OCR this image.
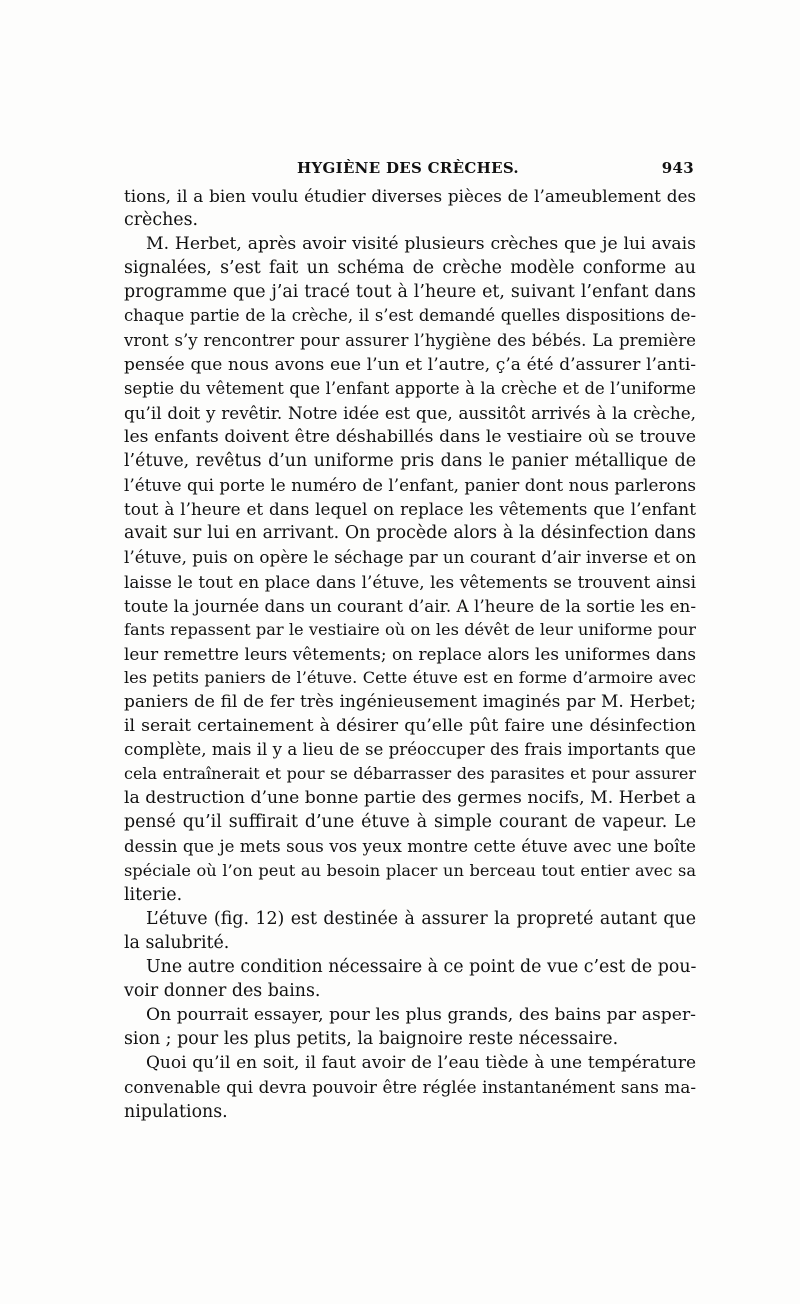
HYGIÈNE DES CRÈCHES.	943
tions, il a bien voulu étudier diverses pièces de l’ameublement des
crèches.
M. Herbet, après avoir visité plusieurs crèches que je lui avais
signalées, s’est fait un schéma de crèche modèle conforme au
programme que j’ai tracé tout à l’heure et, suivant l’enfant dans
chaque partie de la crèche, il s’est demandé quelles dispositions de-
vront s’y rencontrer pour assurer l’hygiène des bébés. La première
pensée que nous avons eue l’un et l’autre, ç’a été d’assurer l’anti-
septie du vêtement que l’enfant apporte à la crèche et de l’uniforme
qu’il doit y revêtir. Notre idée est que, aussitôt arrivés à la crèche,
les enfants doivent être déshabillés dans le vestiaire où se trouve
l’étuve, revêtus d’un uniforme pris dans le panier métallique de
l’étuve qui porte le numéro de l’enfant, panier dont nous parlerons
tout à l’heure et dans lequel on replace les vêtements que l’enfant
avait sur lui en arrivant. On procède alors à la désinfection dans
l’étuve, puis on opère le séchage par un courant d’air inverse et on
laisse le tout en place dans l’étuve, les vêtements se trouvent ainsi
toute la journée dans un courant d’air. A l’heure de la sortie les en-
fants repassent par le vestiaire où on les dévêt de leur uniforme pour
leur remettre leurs vêtements; on replace alors les uniformes dans
les petits paniers de l’étuve. Cette étuve est en forme d’armoire avec
paniers de fil de fer très ingénieusement imaginés par M. Herbet;
il serait certainement à désirer qu’elle pût faire une désinfection
complète, mais il y a lieu de se préoccuper des frais importants que
cela entraînerait et pour se débarrasser des parasites et pour assurer
la destruction d’une bonne partie des germes nocifs, M. Herbet a
pensé qu’il suffirait d’une étuve à simple courant de vapeur. Le
dessin que je mets sous vos yeux montre cette étuve avec une boîte
spéciale où l’on peut au besoin placer un berceau tout entier avec sa
literie.
L’étuve (fig. 12) est destinée à assurer la propreté autant que
la salubrité.
Une autre condition nécessaire à ce point de vue c’est de pou-
voir donner des bains.
On pourrait essayer, pour les plus grands, des bains par asper-
sion ; pour les plus petits, la baignoire reste nécessaire.
Quoi qu’il en soit, il faut avoir de l’eau tiède à une température
convenable qui devra pouvoir être réglée instantanément sans ma-
nipulations.
